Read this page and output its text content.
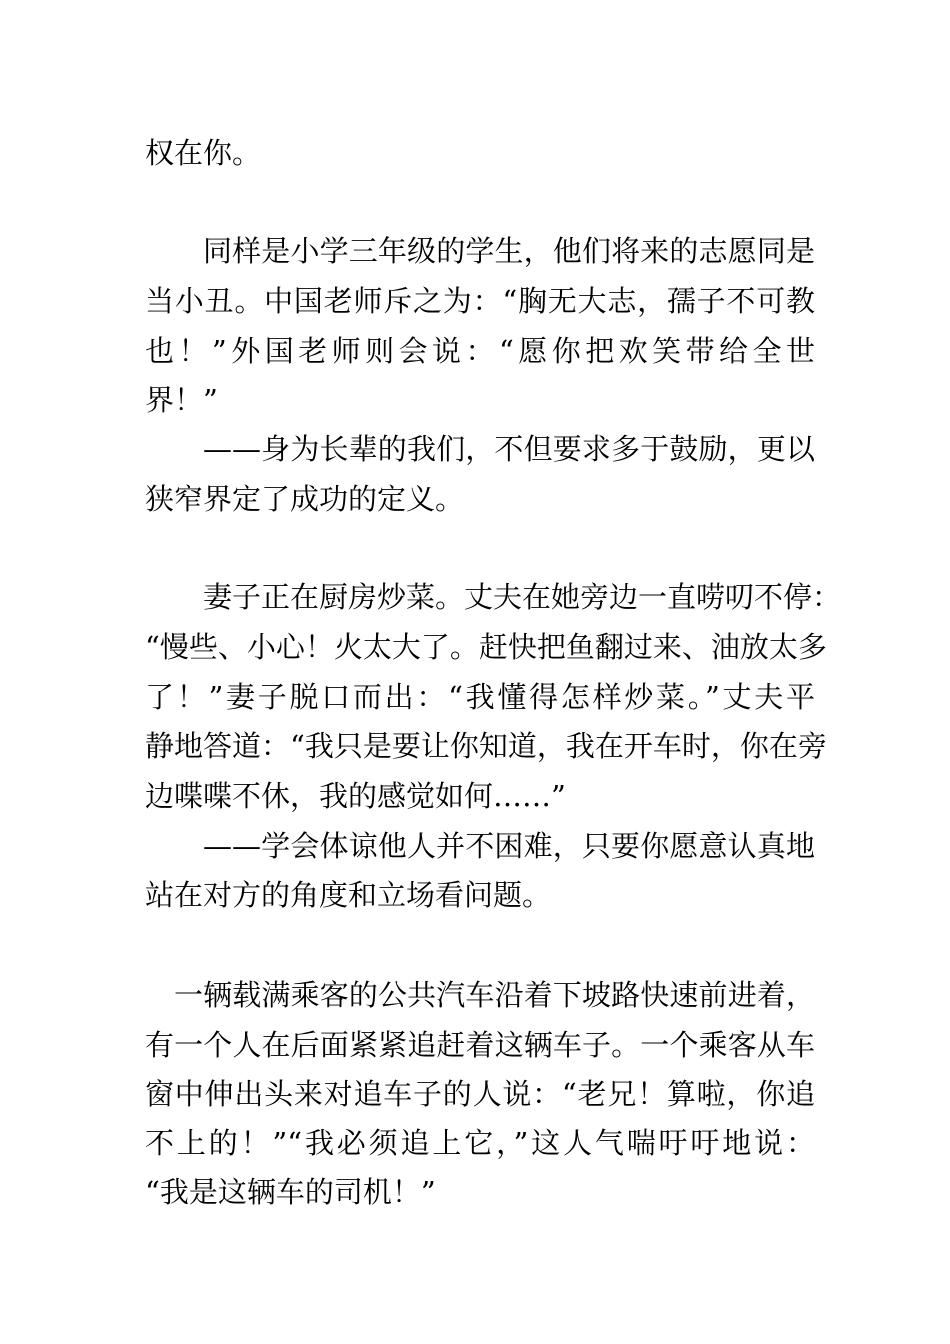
权在你。
同样是小学三年级的学生，他们将来的志愿同是
当小丑。中国老师斥之为：“胸无大志，孺子不可教
也！”外国老师则会说：“愿你把欢笑带给全世
界！”
——身为长辈的我们，不但要求多于鼓励，更以
狭窄界定了成功的定义。
妻子正在厨房炒菜。丈夫在她旁边一直唠叨不停：
“慢些、小心！火太大了。赶快把鱼翻过来、油放太多
了！”妻子脱口而出：“我懂得怎样炒菜。”丈夫平
静地答道：“我只是要让你知道，我在开车时，你在旁
边喋喋不休，我的感觉如何……”
——学会体谅他人并不困难，只要你愿意认真地
站在对方的角度和立场看问题。
一辆载满乘客的公共汽车沿着下坡路快速前进着，
有一个人在后面紧紧追赶着这辆车子。一个乘客从车
窗中伸出头来对追车子的人说：“老兄！算啦，你追
不上的！”“我必须追上它，”这人气喘吁吁地说：
“我是这辆车的司机！”
